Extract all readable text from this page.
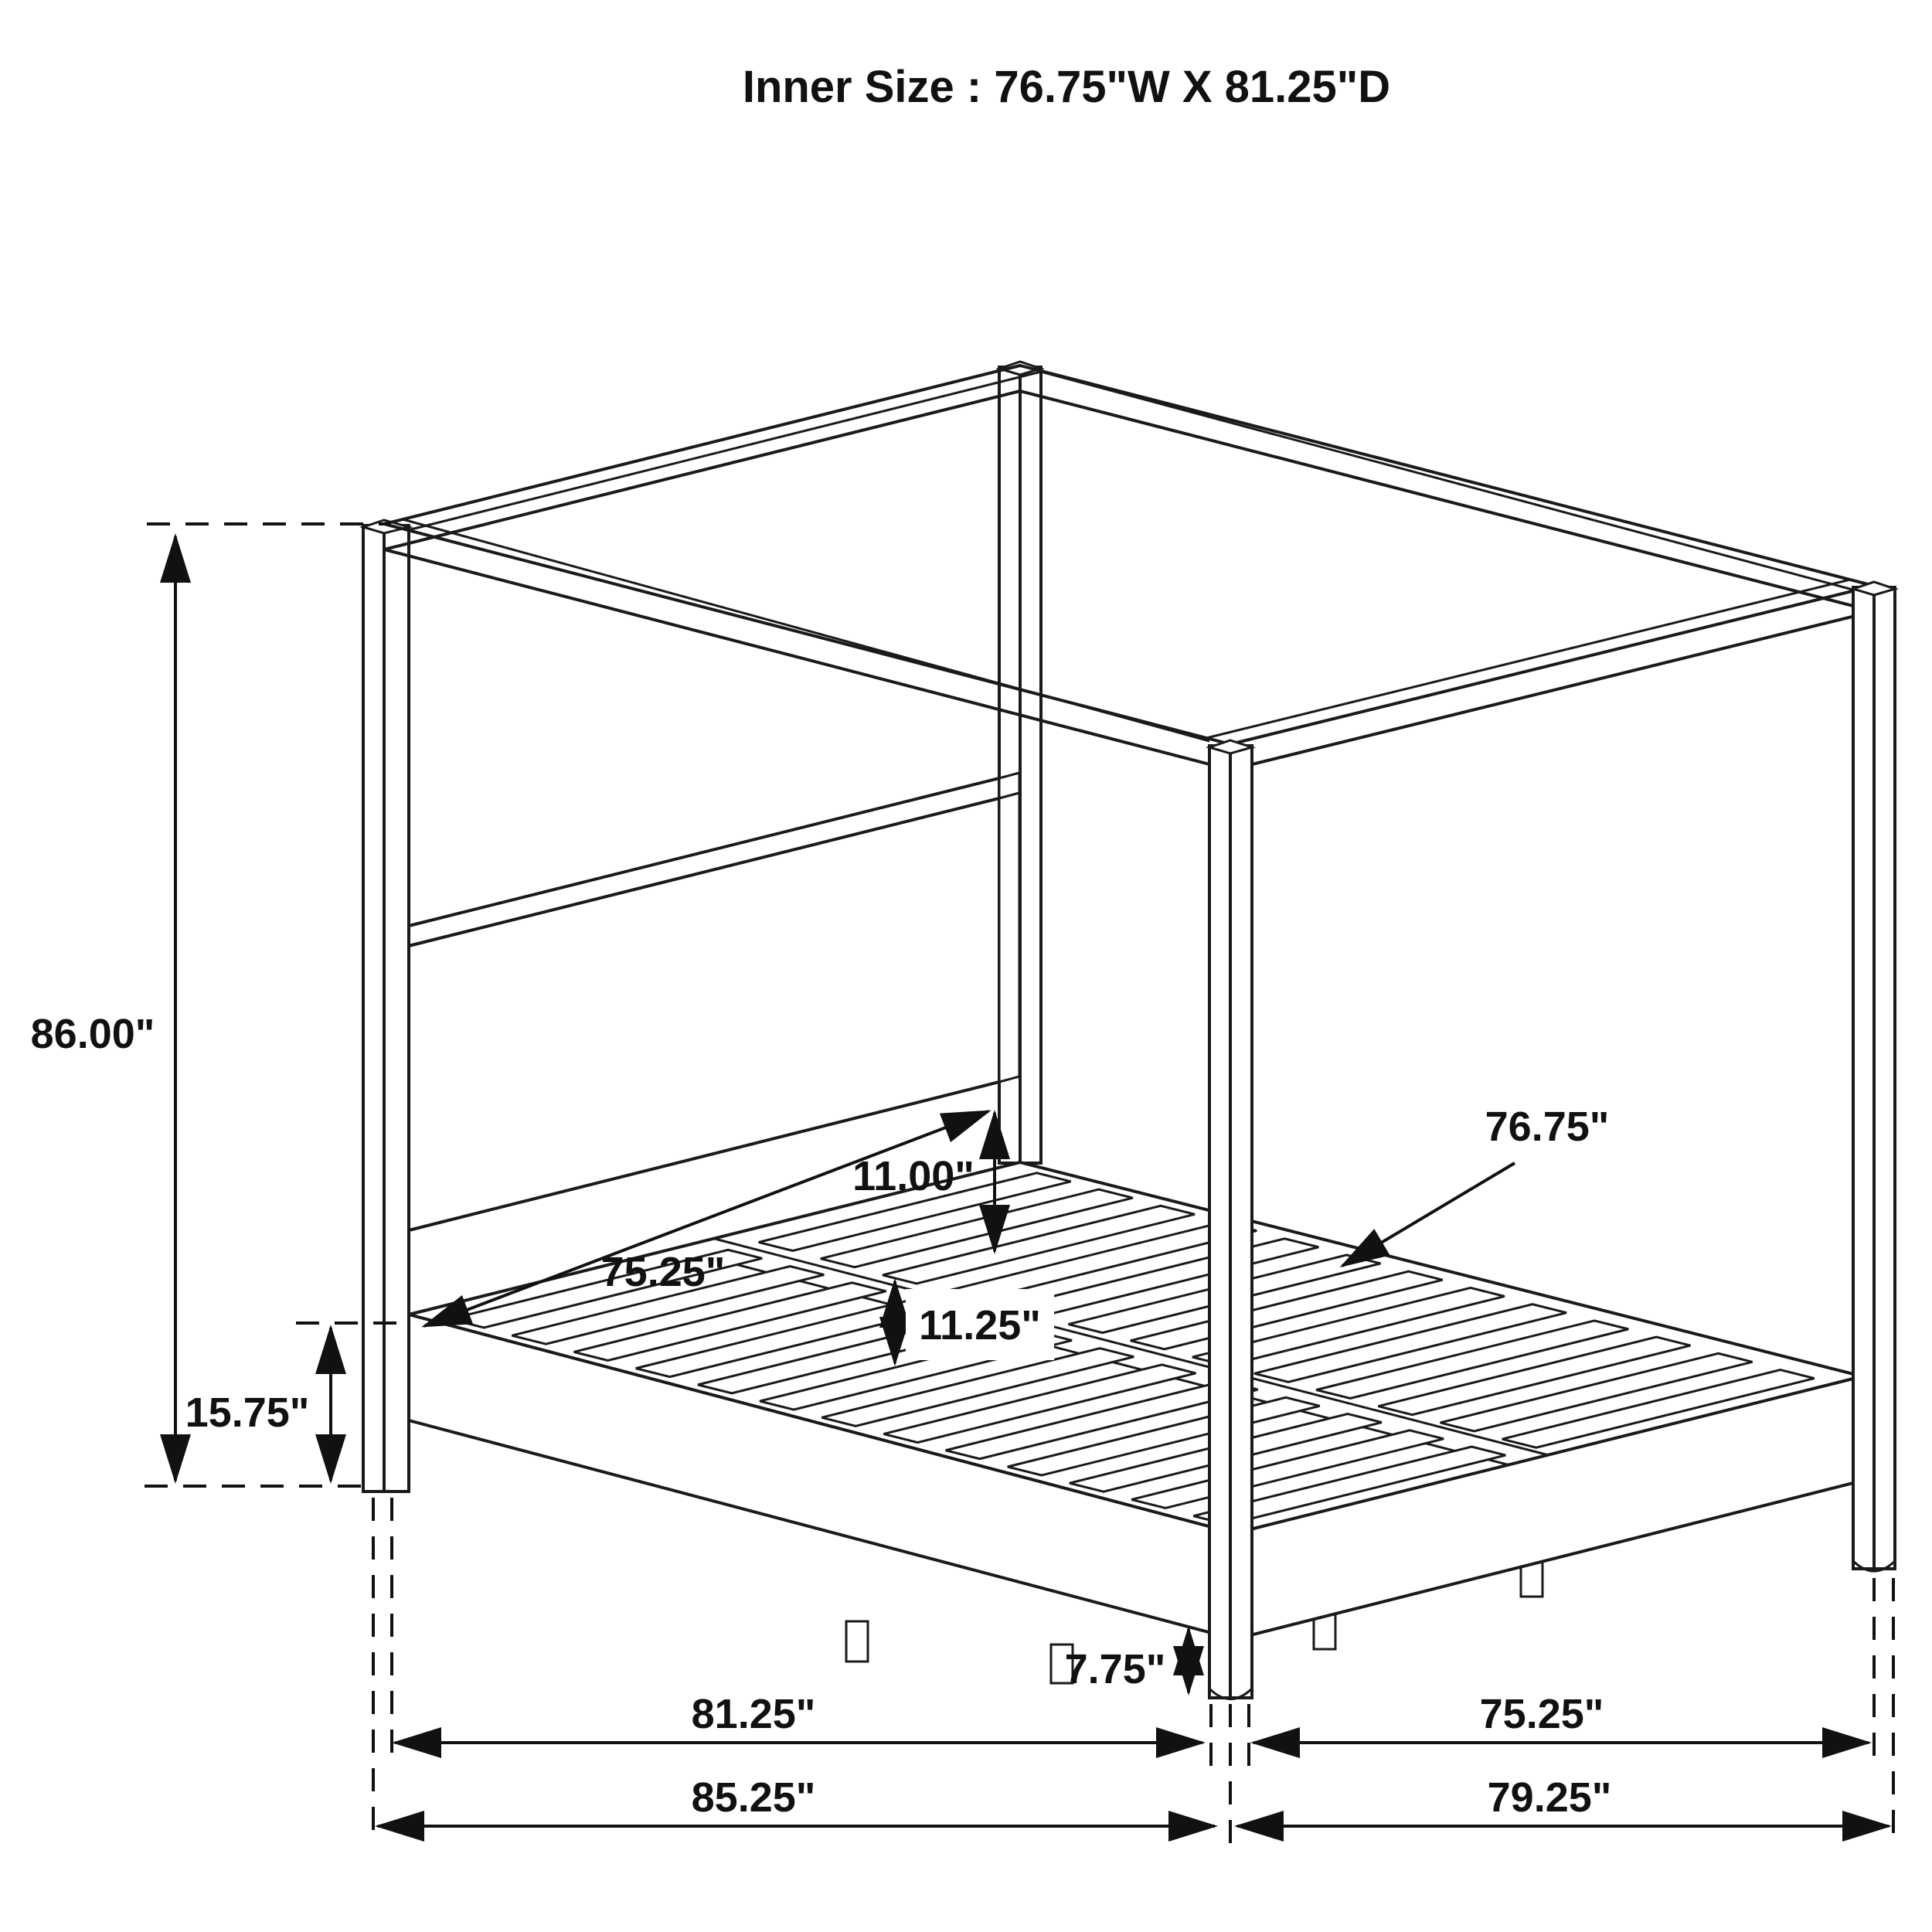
86.00"
15.75"
75.25"
11.00"
11.25"
76.75"
7.75"
81.25"	75.25"
85.25"	79.25"
Inner Size : 76.75"W X 81.25"D
